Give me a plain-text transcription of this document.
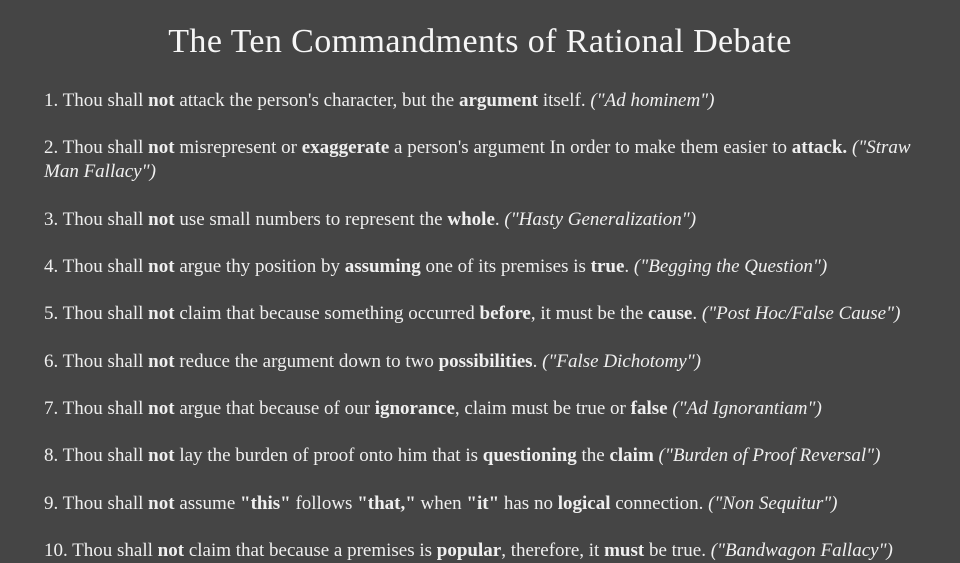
The Ten Commandments of Rational Debate

1. Thou shall not attack the person's character, but the argument itself. ("Ad hominem")

2. Thou shall not misrepresent or exaggerate a person's argument In order to make them easier to attack. ("Straw Man Fallacy")

3. Thou shall not use small numbers to represent the whole. ("Hasty Generalization")

4. Thou shall not argue thy position by assuming one of its premises is true. ("Begging the Question")

5. Thou shall not claim that because something occurred before, it must be the cause. ("Post Hoc/False Cause")

6. Thou shall not reduce the argument down to two possibilities. ("False Dichotomy")

7. Thou shall not argue that because of our ignorance, claim must be true or false ("Ad Ignorantiam")

8. Thou shall not lay the burden of proof onto him that is questioning the claim ("Burden of Proof Reversal")

9. Thou shall not assume "this" follows "that," when "it" has no logical connection. ("Non Sequitur")

10. Thou shall not claim that because a premises is popular, therefore, it must be true. ("Bandwagon Fallacy")
